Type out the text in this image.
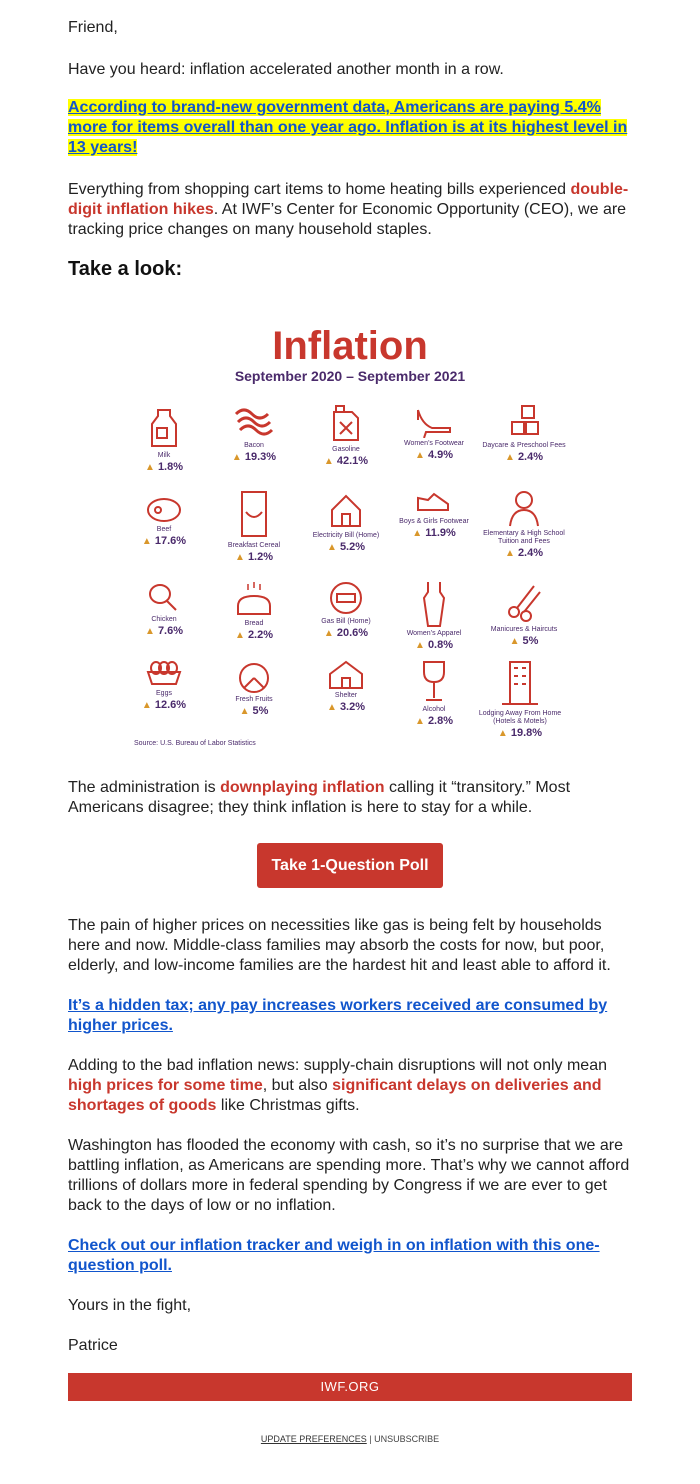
Friend,

Have you heard: inflation accelerated another month in a row.

According to brand-new government data, Americans are paying 5.4% more for items overall than one year ago. Inflation is at its highest level in 13 years!

Everything from shopping cart items to home heating bills experienced double-digit inflation hikes. At IWF’s Center for Economic Opportunity (CEO), we are tracking price changes on many household staples.

Take a look:
Inflation
September 2020 – September 2021
Milk
▲ 1.8%
Bacon
▲ 19.3%
Gasoline
▲ 42.1%
Women’s Footwear
▲ 4.9%
Daycare & Preschool Fees
▲ 2.4%
Beef
▲ 17.6%	Breakfast Cereal
▲ 1.2%
Electricity Bill (Home)
▲ 5.2%
Boys & Girls Footwear
▲ 11.9%	Elementary & High School Tuition and Fees
▲ 2.4%
Chicken
▲ 7.6%
Bread
▲ 2.2%
Gas Bill (Home)
▲ 20.6%	Women’s Apparel
▲ 0.8%
Manicures & Haircuts
▲ 5%
Eggs
▲ 12.6%	Fresh Fruits
▲ 5%
Shelter
▲ 3.2%	Alcohol
▲ 2.8%
Lodging Away From Home (Hotels & Motels)
▲ 19.8%
Source: U.S. Bureau of Labor Statistics

The administration is downplaying inflation calling it “transitory.” Most Americans disagree; they think inflation is here to stay for a while.

Take 1-Question Poll

The pain of higher prices on necessities like gas is being felt by households here and now. Middle-class families may absorb the costs for now, but poor, elderly, and low-income families are the hardest hit and least able to afford it.

It’s a hidden tax; any pay increases workers received are consumed by higher prices.

Adding to the bad inflation news: supply-chain disruptions will not only mean high prices for some time, but also significant delays on deliveries and shortages of goods like Christmas gifts.

Washington has flooded the economy with cash, so it’s no surprise that we are battling inflation, as Americans are spending more. That’s why we cannot afford trillions of dollars more in federal spending by Congress if we are ever to get back to the days of low or no inflation.

Check out our inflation tracker and weigh in on inflation with this one-question poll.

Yours in the fight,

Patrice

IWF.ORG
UPDATE PREFERENCES | UNSUBSCRIBE
